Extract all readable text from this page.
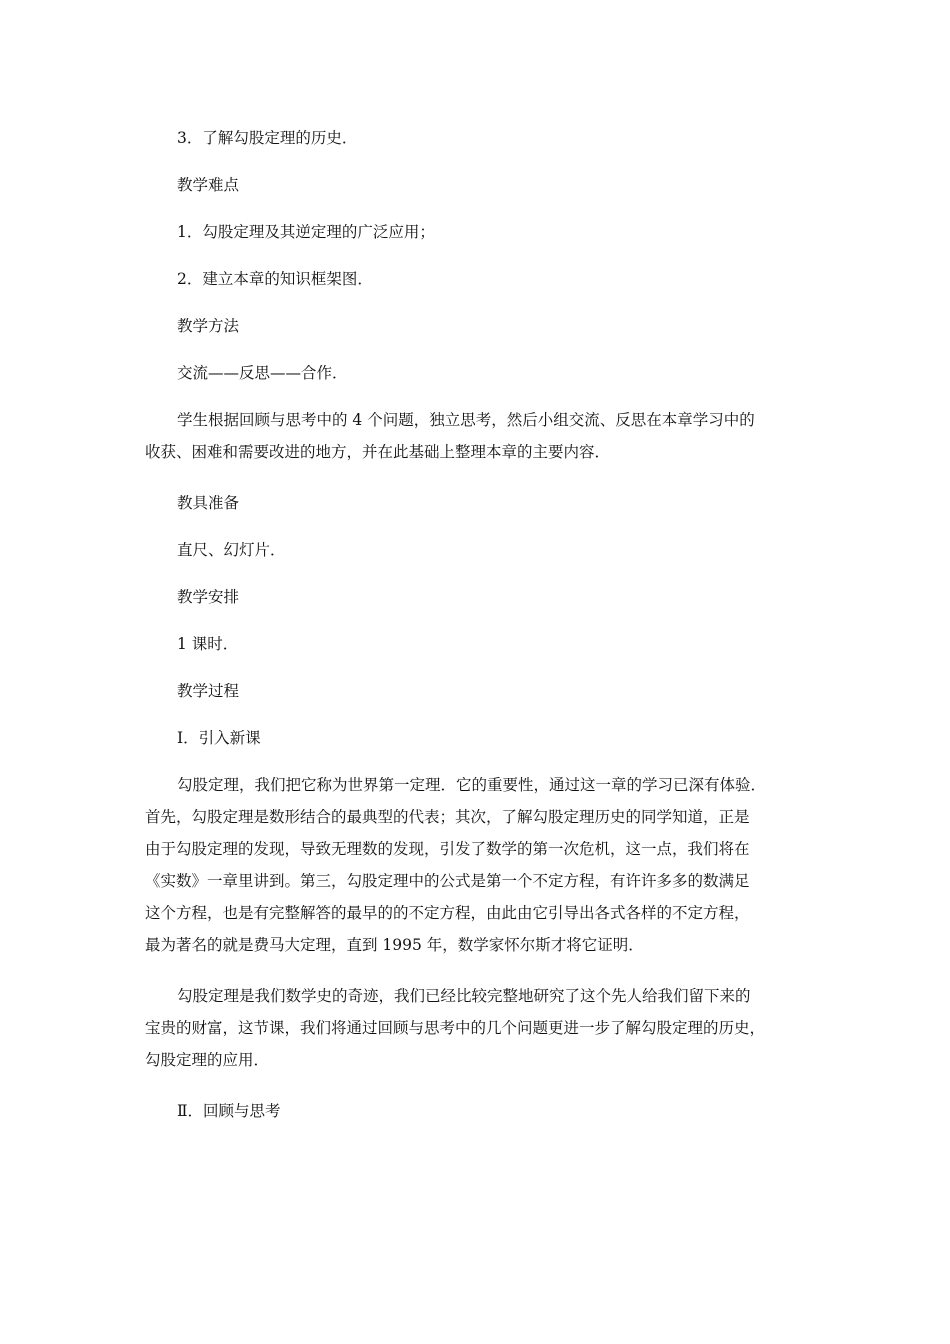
3．了解勾股定理的历史．

教学难点

1．勾股定理及其逆定理的广泛应用；

2．建立本章的知识框架图．

教学方法

交流——反思——合作．

学生根据回顾与思考中的 4 个问题，独立思考，然后小组交流、反思在本章学习中的
收获、困难和需要改进的地方，并在此基础上整理本章的主要内容．

教具准备

直尺、幻灯片．

教学安排

1 课时．

教学过程

Ⅰ．引入新课

勾股定理，我们把它称为世界第一定理．它的重要性，通过这一章的学习已深有体验．
首先，勾股定理是数形结合的最典型的代表；其次，了解勾股定理历史的同学知道，正是
由于勾股定理的发现，导致无理数的发现，引发了数学的第一次危机，这一点，我们将在
《实数》一章里讲到。第三，勾股定理中的公式是第一个不定方程，有许许多多的数满足
这个方程，也是有完整解答的最早的的不定方程，由此由它引导出各式各样的不定方程，
最为著名的就是费马大定理，直到 1995 年，数学家怀尔斯才将它证明．
勾股定理是我们数学史的奇迹，我们已经比较完整地研究了这个先人给我们留下来的
宝贵的财富，这节课，我们将通过回顾与思考中的几个问题更进一步了解勾股定理的历史，
勾股定理的应用．

Ⅱ．回顾与思考
